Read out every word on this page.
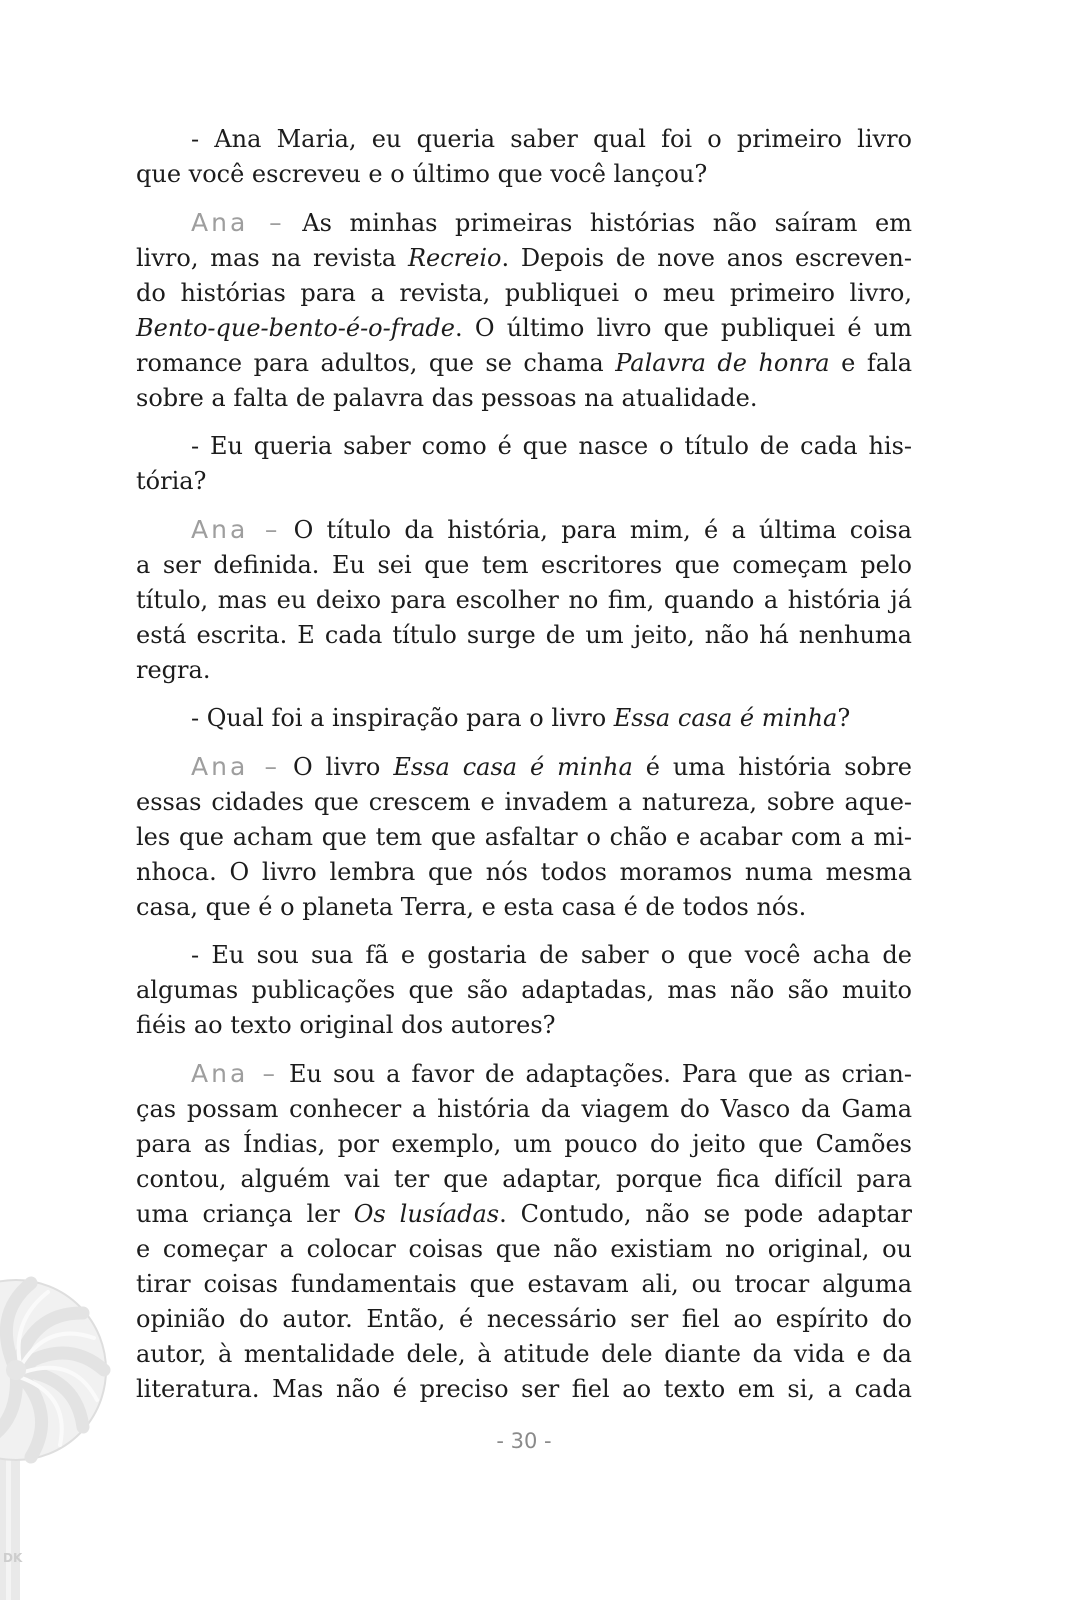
DK
- Ana Maria, eu queria saber qual foi o primeiro livro
que você escreveu e o último que você lançou?
Ana – As minhas primeiras histórias não saíram em
livro, mas na revista Recreio. Depois de nove anos escreven-
do histórias para a revista, publiquei o meu primeiro livro,
Bento-que-bento-é-o-frade. O último livro que publiquei é um
romance para adultos, que se chama Palavra de honra e fala
sobre a falta de palavra das pessoas na atualidade.
- Eu queria saber como é que nasce o título de cada his-
tória?
Ana – O título da história, para mim, é a última coisa
a ser definida. Eu sei que tem escritores que começam pelo
título, mas eu deixo para escolher no fim, quando a história já
está escrita. E cada título surge de um jeito, não há nenhuma
regra.
- Qual foi a inspiração para o livro Essa casa é minha?
Ana – O livro Essa casa é minha é uma história sobre
essas cidades que crescem e invadem a natureza, sobre aque-
les que acham que tem que asfaltar o chão e acabar com a mi-
nhoca. O livro lembra que nós todos moramos numa mesma
casa, que é o planeta Terra, e esta casa é de todos nós.
- Eu sou sua fã e gostaria de saber o que você acha de
algumas publicações que são adaptadas, mas não são muito
fiéis ao texto original dos autores?
Ana – Eu sou a favor de adaptações. Para que as crian-
ças possam conhecer a história da viagem do Vasco da Gama
para as Índias, por exemplo, um pouco do jeito que Camões
contou, alguém vai ter que adaptar, porque fica difícil para
uma criança ler Os lusíadas. Contudo, não se pode adaptar
e começar a colocar coisas que não existiam no original, ou
tirar coisas fundamentais que estavam ali, ou trocar alguma
opinião do autor. Então, é necessário ser fiel ao espírito do
autor, à mentalidade dele, à atitude dele diante da vida e da
literatura. Mas não é preciso ser fiel ao texto em si, a cada
- 30 -
